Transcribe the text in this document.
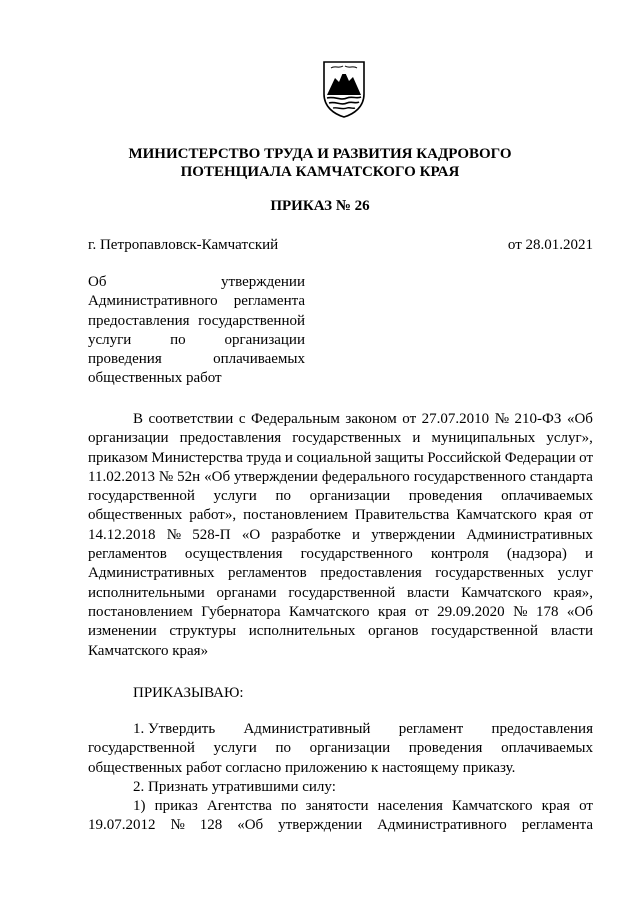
МИНИСТЕРСТВО ТРУДА И РАЗВИТИЯ КАДРОВОГО
ПОТЕНЦИАЛА КАМЧАТСКОГО КРАЯ
ПРИКАЗ № 26
г. Петропавловск-Камчатский	от 28.01.2021
Об	утверждении
Административного регламента
предоставления государственной
услуги	по	организации
проведения	оплачиваемых
общественных работ
В соответствии с Федеральным законом от 27.07.2010 № 210-ФЗ «Об
организации предоставления государственных и муниципальных услуг»,
приказом Министерства труда и социальной защиты Российской Федерации от
11.02.2013 № 52н «Об утверждении федерального государственного стандарта
государственной услуги по организации проведения оплачиваемых
общественных работ», постановлением Правительства Камчатского края от
14.12.2018 № 528-П «О разработке и утверждении Административных
регламентов осуществления государственного контроля (надзора) и
Административных регламентов предоставления государственных услуг
исполнительными органами государственной власти Камчатского края»,
постановлением Губернатора Камчатского края от 29.09.2020 № 178 «Об
изменении структуры исполнительных органов государственной власти
Камчатского края»
ПРИКАЗЫВАЮ:
1. Утвердить Административный регламент предоставления
государственной услуги по организации проведения оплачиваемых
общественных работ согласно приложению к настоящему приказу.
2. Признать утратившими силу:
1) приказ Агентства по занятости населения Камчатского края от
19.07.2012 № 128 «Об утверждении Административного регламента
